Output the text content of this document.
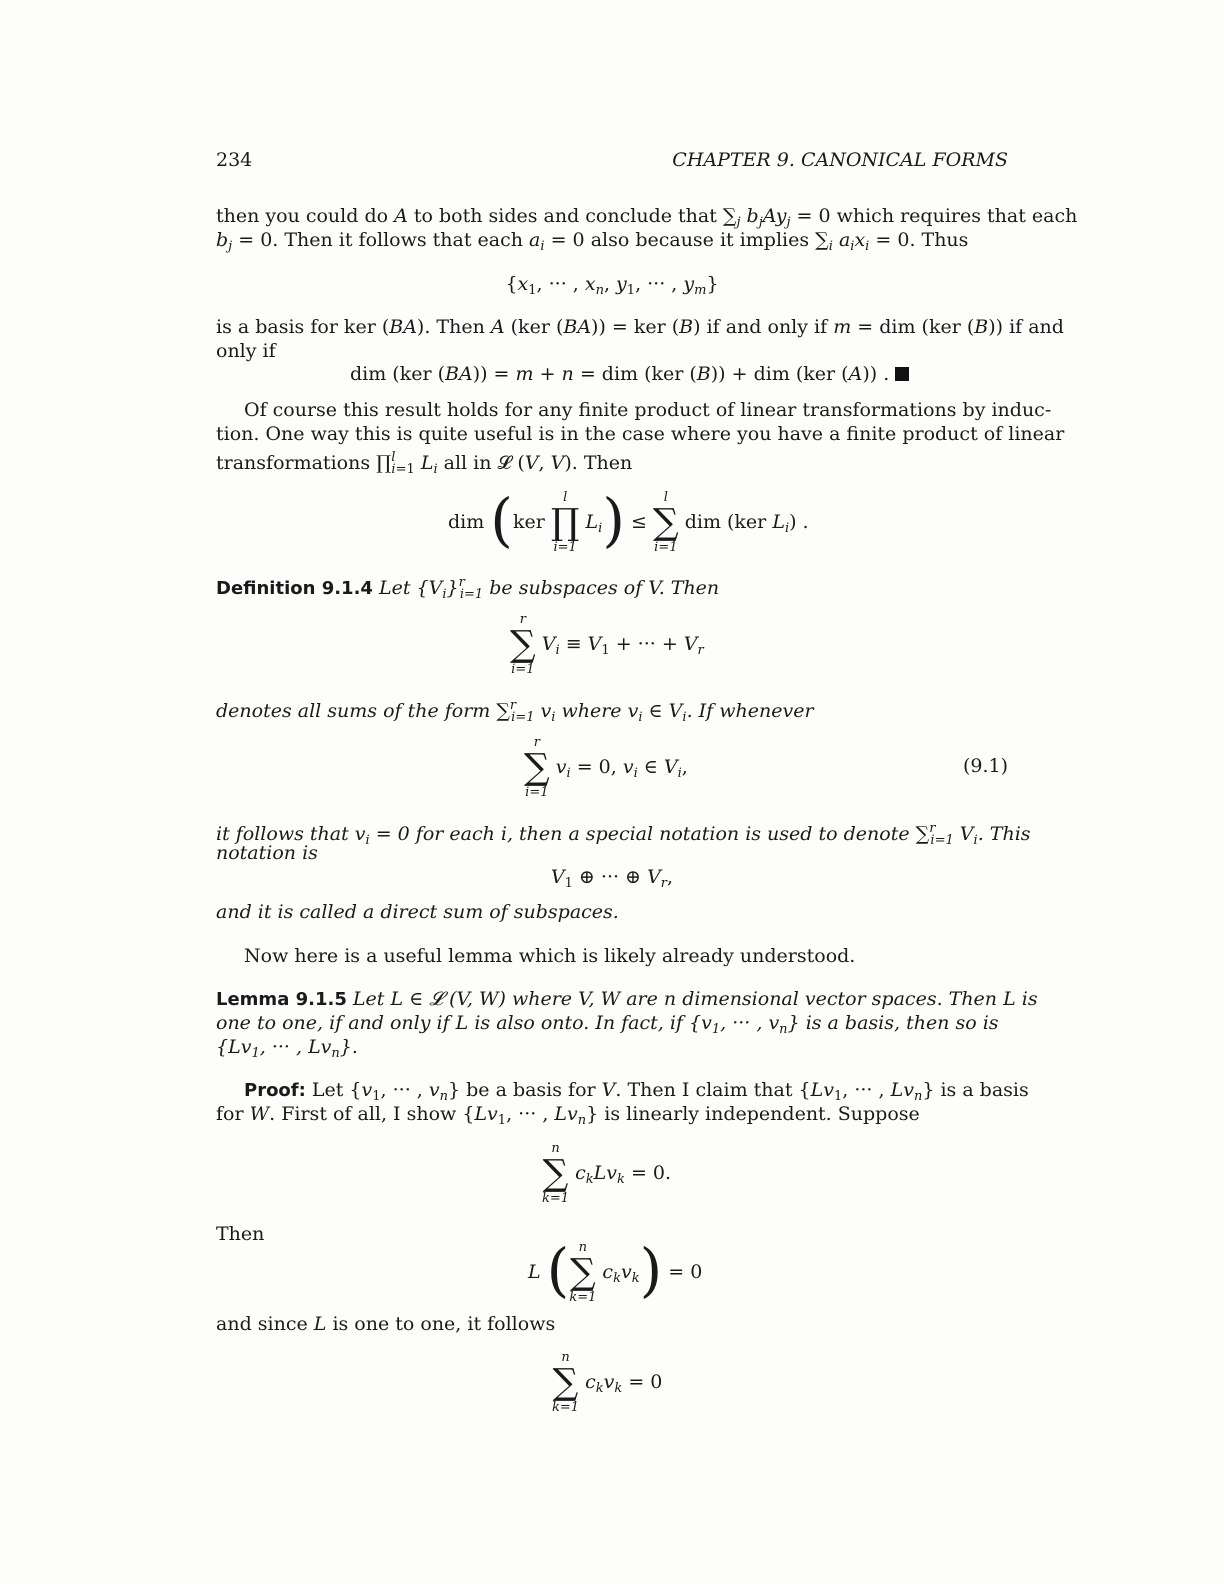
234	CHAPTER 9. CANONICAL FORMS
then you could do A to both sides and conclude that $\sum_j$ $b_jAy_j = 0$ which requires that each
$b_j = 0$. Then it follows that each $a_i = 0$ also because it implies $\sum_i$ $a_ix_i = 0$. Thus
{$x_1$, ··· , $x_n$, $y_1$, ··· , $y_m$}
is a basis for ker (BA). Then A (ker (BA)) = ker (B) if and only if m = dim (ker (B)) if and
only if
dim (ker (BA)) = m + n = dim (ker (B)) + dim (ker (A)) .
Of course this result holds for any finite product of linear transformations by induc-
tion. One way this is quite useful is in the case where you have a finite product of linear
transformations ∏$^l_{i=1}$ $L_i$ all in 𝓛 (V, V). Then
dim (ker
l
∏
i=1
$L_i$) ≤
l
∑
i=1
dim (ker $L_i$) .
Definition 9.1.4 Let $\{V_i\}^r_{i=1}$ be subspaces of V. Then
r
∑
i=1
$V_i \equiv V_1$ + ··· + $V_r$
denotes all sums of the form ∑$^r_{i=1}$ $v_i$ where $v_i$ ∈ $V_i$. If whenever
r
∑
i=1
$v_i = 0$, $v_i$ ∈ $V_i$,	(9.1)
it follows that $v_i = 0$ for each i, then a special notation is used to denote ∑$^r_{i=1}$ $V_i$. This
notation is
$V_1$ ⊕ ··· ⊕ $V_r$,
and it is called a direct sum of subspaces.
Now here is a useful lemma which is likely already understood.
Lemma 9.1.5 Let L ∈ 𝓛 (V, W) where V, W are n dimensional vector spaces. Then L is
one to one, if and only if L is also onto. In fact, if {$v_1$, ··· , $v_n$} is a basis, then so is
{$Lv_1$, ··· , $Lv_n$}.
Proof: Let {$v_1$, ··· , $v_n$} be a basis for V. Then I claim that {$Lv_1$, ··· , $Lv_n$} is a basis
for W. First of all, I show {$Lv_1$, ··· , $Lv_n$} is linearly independent. Suppose
n
∑
k=1
$c_kLv_k = 0$.
Then
L ( n
∑
k=1
$c_kv_k) = 0$
and since L is one to one, it follows
n
∑
k=1
$c_kv_k = 0$
